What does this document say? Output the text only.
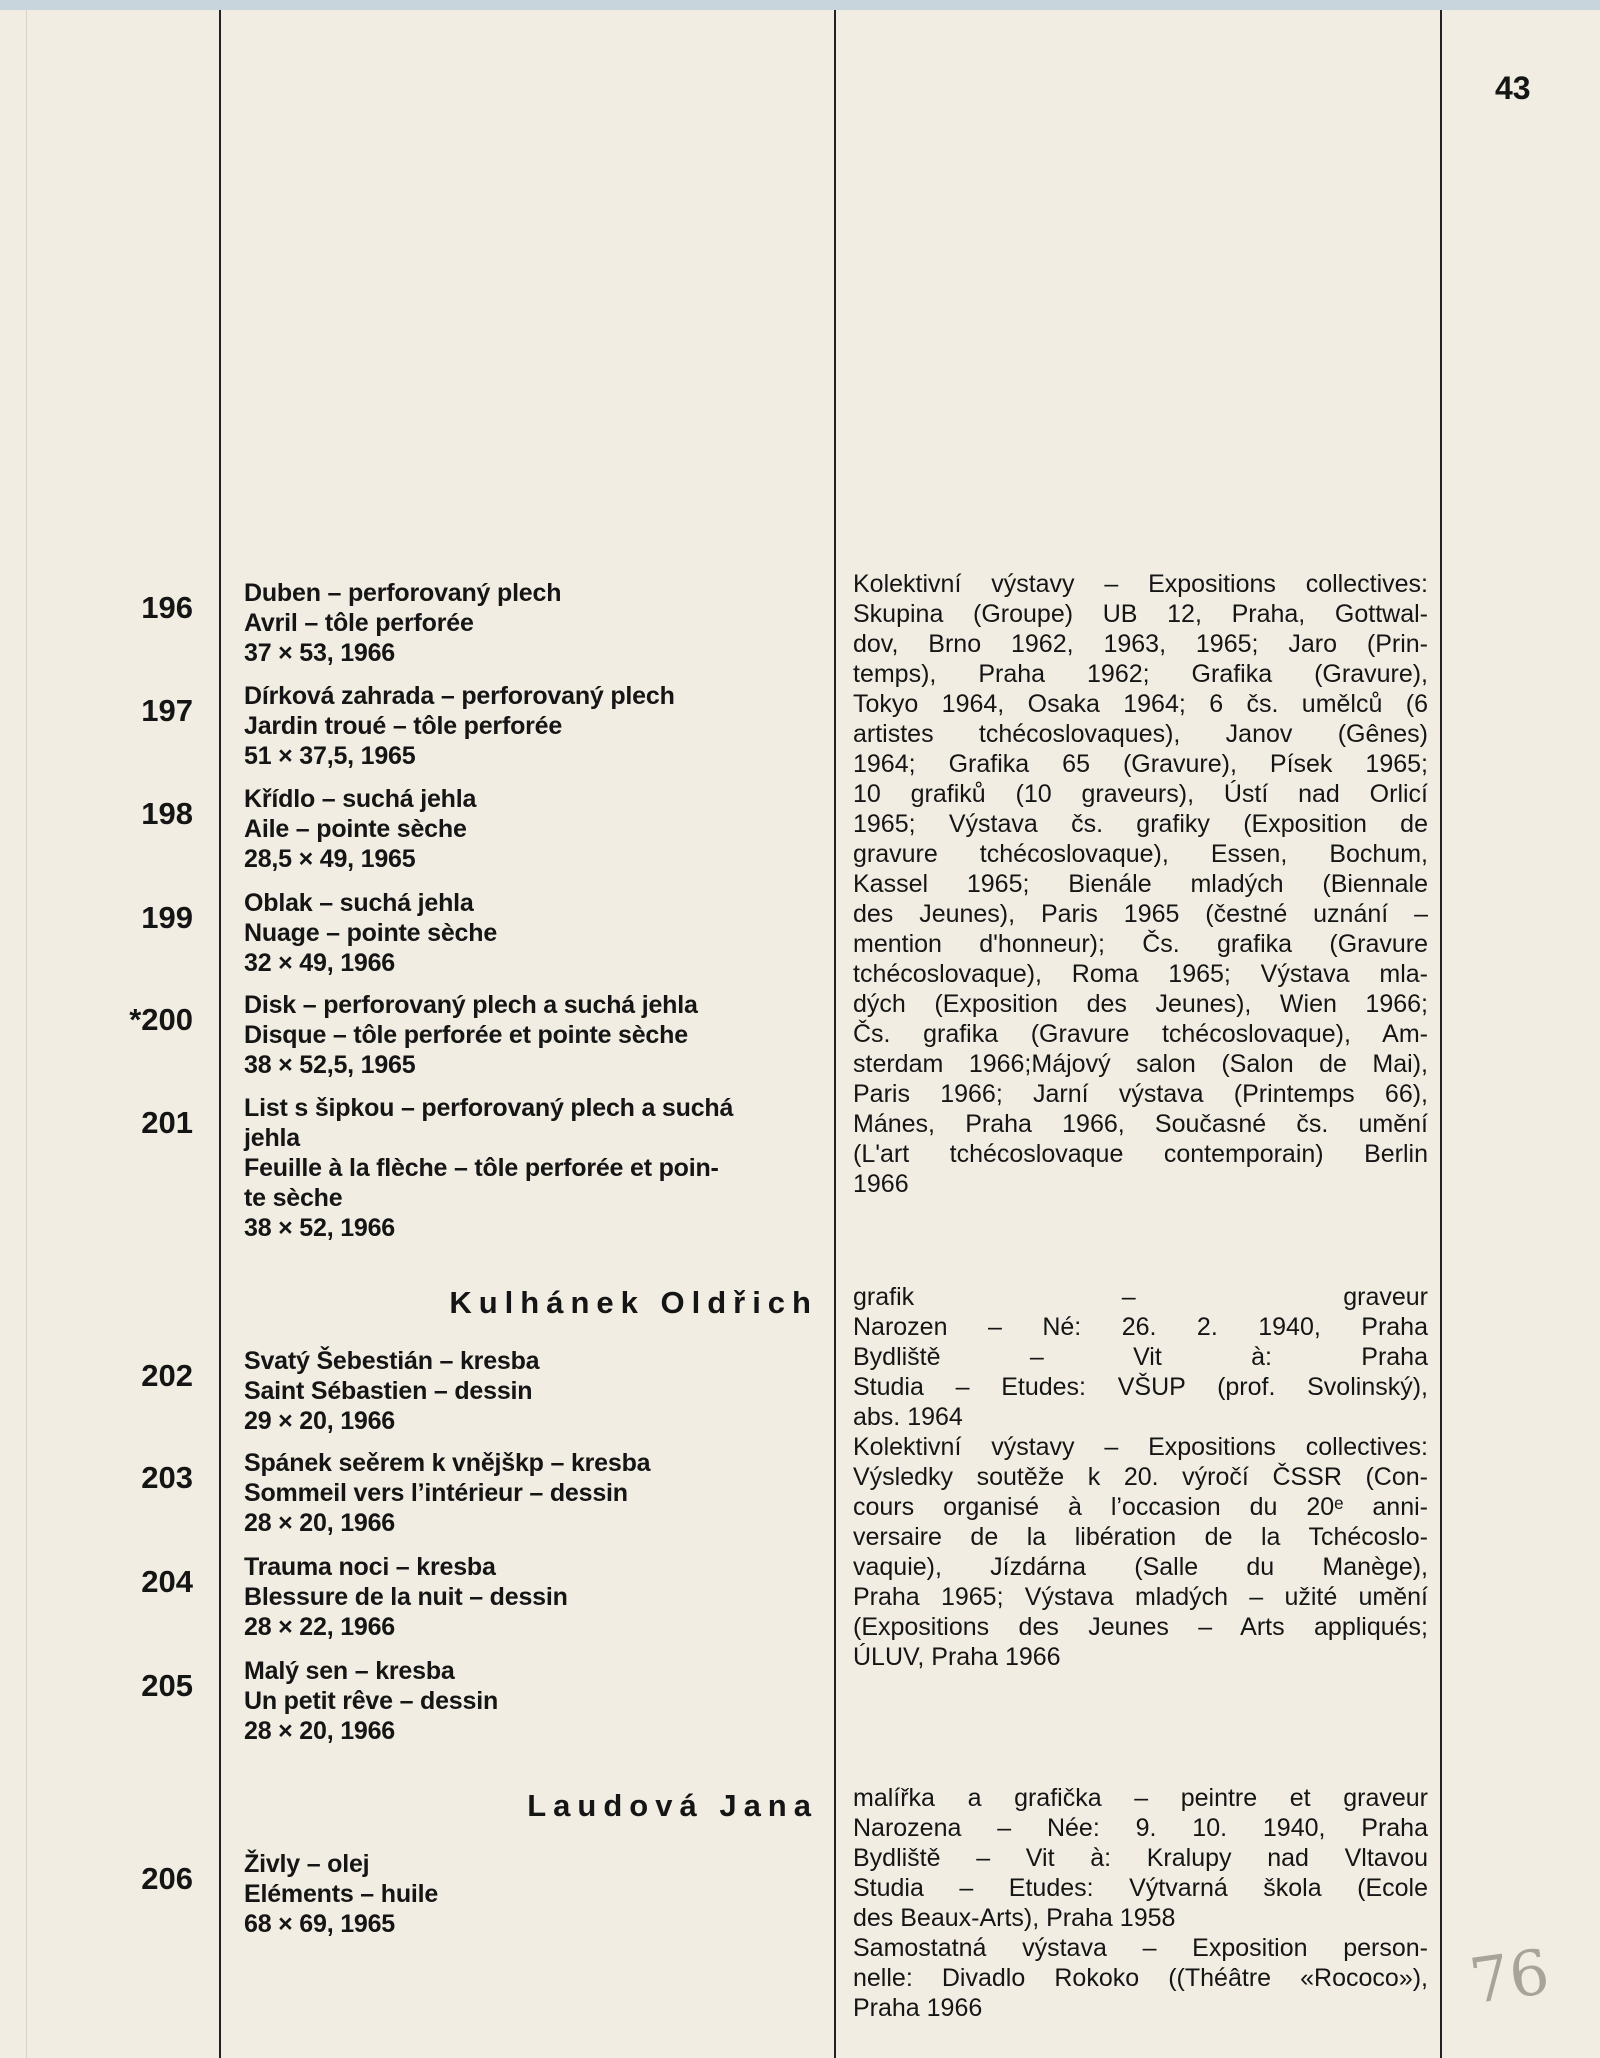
43
Kulhánek Oldřich
Laudová Jana
196 Duben – perforovaný plech
Avril – tôle perforée
37 × 53, 1966
197 Dírková zahrada – perforovaný plech
Jardin troué – tôle perforée
51 × 37,5, 1965
198 Křídlo – suchá jehla
Aile – pointe sèche
28,5 × 49, 1965
199 Oblak – suchá jehla
Nuage – pointe sèche
32 × 49, 1966
*200 Disk – perforovaný plech a suchá jehla
Disque – tôle perforée et pointe sèche
38 × 52,5, 1965
201 List s šipkou – perforovaný plech a suchá
jehla
Feuille à la flèche – tôle perforée et poin-
te sèche
38 × 52, 1966
202 Svatý Šebestián – kresba
Saint Sébastien – dessin
29 × 20, 1966
203 Spánek seěrem k vnějškp – kresba
Sommeil vers l’intérieur – dessin
28 × 20, 1966
204 Trauma noci – kresba
Blessure de la nuit – dessin
28 × 22, 1966
205 Malý sen – kresba
Un petit rêve – dessin
28 × 20, 1966
206 Živly – olej
Eléments – huile
68 × 69, 1965
Kolektivní výstavy – Expositions collectives:
Skupina (Groupe) UB 12, Praha, Gottwal-
dov, Brno 1962, 1963, 1965; Jaro (Prin-
temps), Praha 1962; Grafika (Gravure),
Tokyo 1964, Osaka 1964; 6 čs. umělců (6
artistes tchécoslovaques), Janov (Gênes)
1964; Grafika 65 (Gravure), Písek 1965;
10 grafiků (10 graveurs), Ústí nad Orlicí
1965; Výstava čs. grafiky (Exposition de
gravure tchécoslovaque), Essen, Bochum,
Kassel 1965; Bienále mladých (Biennale
des Jeunes), Paris 1965 (čestné uznání –
mention d'honneur); Čs. grafika (Gravure
tchécoslovaque), Roma 1965; Výstava mla-
dých (Exposition des Jeunes), Wien 1966;
Čs. grafika (Gravure tchécoslovaque), Am-
sterdam 1966;Májový salon (Salon de Mai),
Paris 1966; Jarní výstava (Printemps 66),
Mánes, Praha 1966, Současné čs. umění
(L'art tchécoslovaque contemporain) Berlin
1966
grafik – graveur
Narozen – Né: 26. 2. 1940, Praha
Bydliště – Vit à: Praha
Studia – Etudes: VŠUP (prof. Svolinský),
abs. 1964
Kolektivní výstavy – Expositions collectives:
Výsledky soutěže k 20. výročí ČSSR (Con-
cours organisé à l’occasion du 20ᵉ anni-
versaire de la libération de la Tchécoslo-
vaquie), Jízdárna (Salle du Manège),
Praha 1965; Výstava mladých – užité umění
(Expositions des Jeunes – Arts appliqués;
ÚLUV, Praha 1966
malířka a grafička – peintre et graveur
Narozena – Née: 9. 10. 1940, Praha
Bydliště – Vit à: Kralupy nad Vltavou
Studia – Etudes: Výtvarná škola (Ecole
des Beaux-Arts), Praha 1958
Samostatná výstava – Exposition person-
nelle: Divadlo Rokoko ((Théâtre «Rococo»),
Praha 1966	76
